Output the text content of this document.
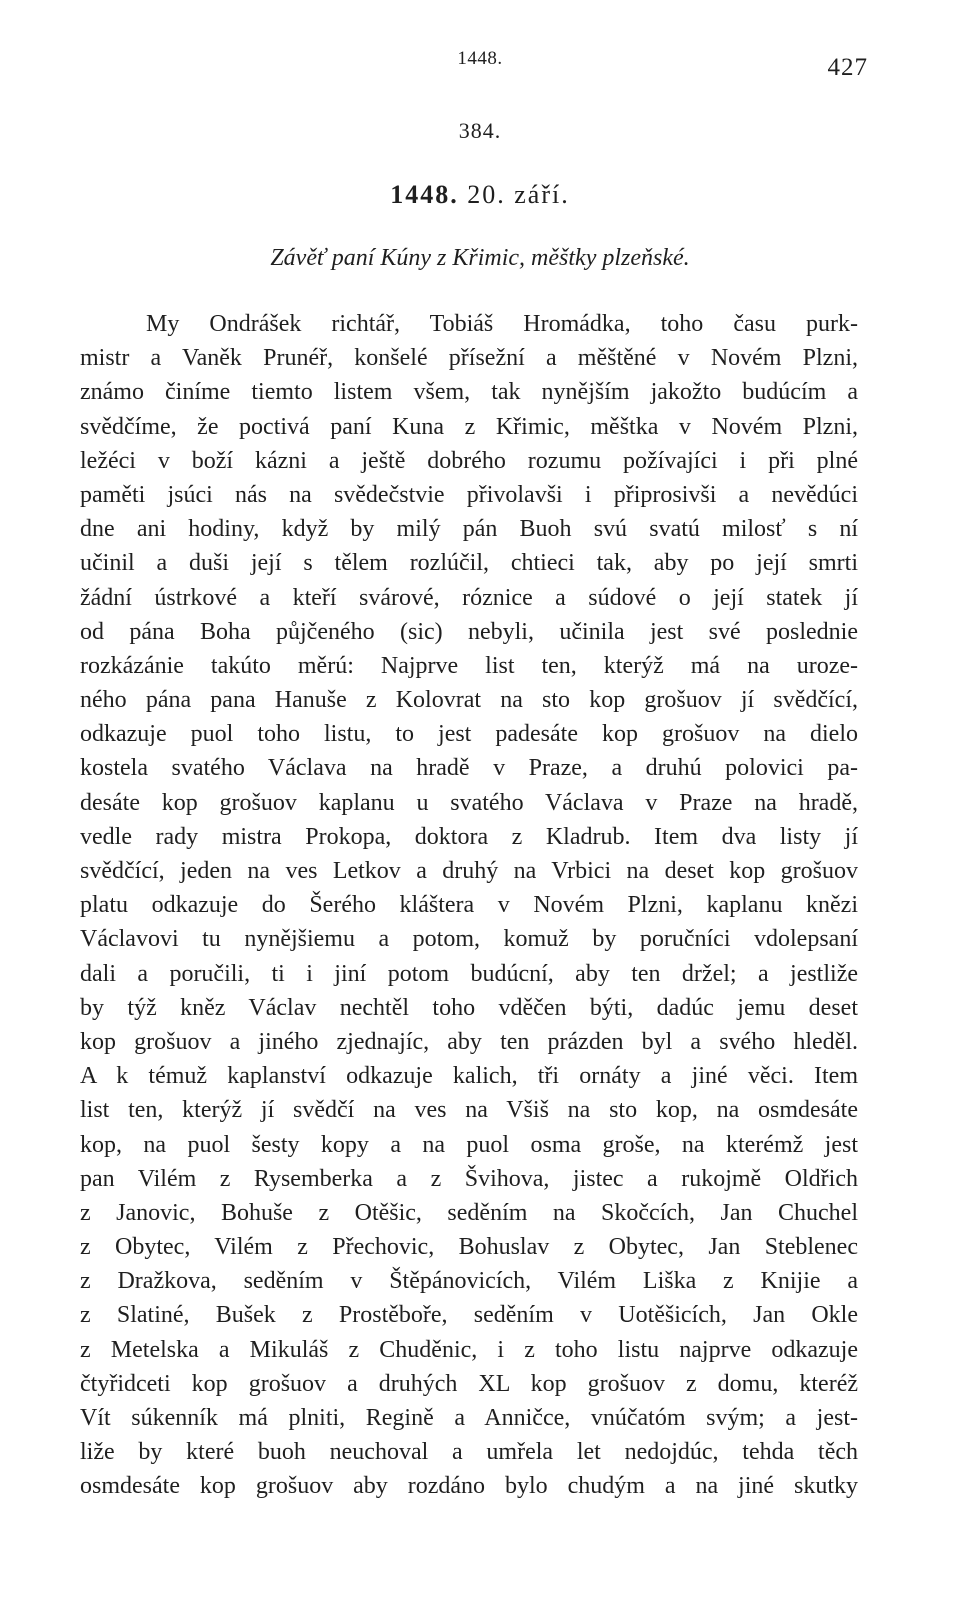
1448.	427
384.
1448. 20. září.
Závěť paní Kúny z Křimic, měštky plzeňské.
My Ondrášek richtář, Tobiáš Hromádka, toho času purk-
mistr a Vaněk Prunéř, konšelé přísežní a měštěné v Novém Plzni,
známo činíme tiemto listem všem, tak nynějším jakožto budúcím a
svědčíme, že poctivá paní Kuna z Křimic, měštka v Novém Plzni,
ležéci v boží kázni a ještě dobrého rozumu požívajíci i při plné
paměti jsúci nás na svědečstvie přivolavši i připrosivši a nevědúci
dne ani hodiny, když by milý pán Buoh svú svatú milosť s ní
učinil a duši její s tělem rozlúčil, chtieci tak, aby po její smrti
žádní ústrkové a kteří svárové, róznice a súdové o její statek jí
od pána Boha půjčeného (sic) nebyli, učinila jest své poslednie
rozkázánie takúto měrú: Najprve list ten, kterýž má na uroze-
ného pána pana Hanuše z Kolovrat na sto kop grošuov jí svědčící,
odkazuje puol toho listu, to jest padesáte kop grošuov na dielo
kostela svatého Václava na hradě v Praze, a druhú polovici pa-
desáte kop grošuov kaplanu u svatého Václava v Praze na hradě,
vedle rady mistra Prokopa, doktora z Kladrub. Item dva listy jí
svědčící, jeden na ves Letkov a druhý na Vrbici na deset kop grošuov
platu odkazuje do Šerého kláštera v Novém Plzni, kaplanu knězi
Václavovi tu nynějšiemu a potom, komuž by poručníci vdolepsaní
dali a poručili, ti i jiní potom budúcní, aby ten držel; a jestliže
by týž kněz Václav nechtěl toho vděčen býti, dadúc jemu deset
kop grošuov a jiného zjednajíc, aby ten prázden byl a svého hleděl.
A k témuž kaplanství odkazuje kalich, tři ornáty a jiné věci. Item
list ten, kterýž jí svědčí na ves na Všiš na sto kop, na osmdesáte
kop, na puol šesty kopy a na puol osma groše, na kterémž jest
pan Vilém z Rysemberka a z Švihova, jistec a rukojmě Oldřich
z Janovic, Bohuše z Otěšic, seděním na Skočcích, Jan Chuchel
z Obytec, Vilém z Přechovic, Bohuslav z Obytec, Jan Steblenec
z Dražkova, seděním v Štěpánovicích, Vilém Liška z Knijie a
z Slatiné, Bušek z Prostěboře, seděním v Uotěšicích, Jan Okle
z Metelska a Mikuláš z Chuděnic, i z toho listu najprve odkazuje
čtyřidceti kop grošuov a druhých XL kop grošuov z domu, kteréž
Vít súkenník má plniti, Regině a Anničce, vnúčatóm svým; a jest-
liže by které buoh neuchoval a umřela let nedojdúc, tehda těch
osmdesáte kop grošuov aby rozdáno bylo chudým a na jiné skutky
